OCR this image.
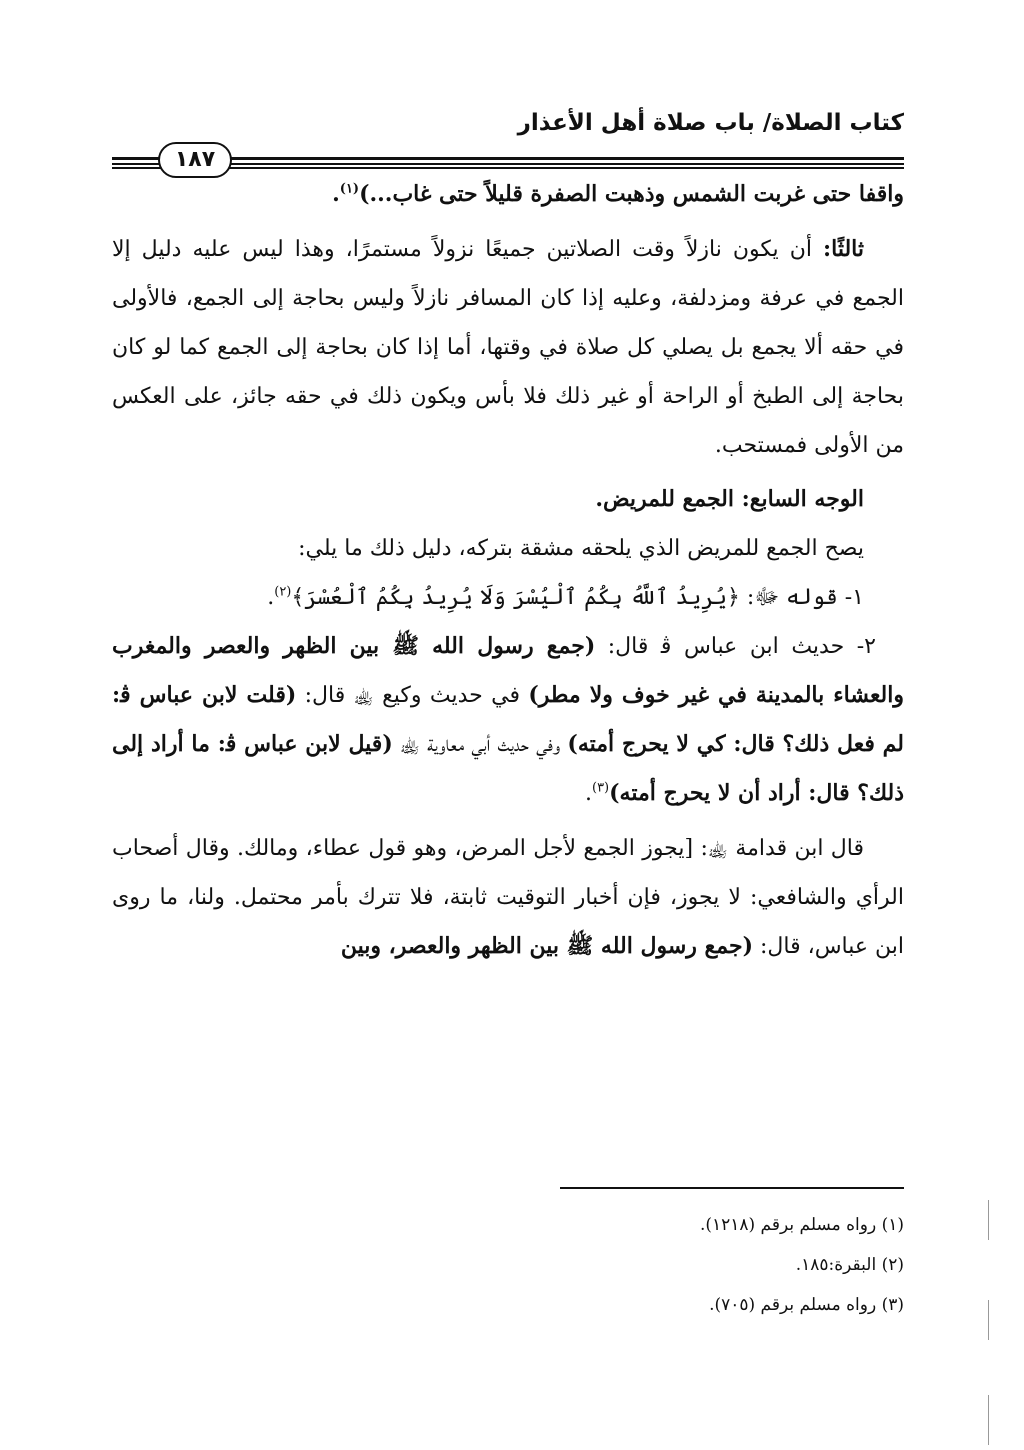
كتاب الصلاة/ باب صلاة أهل الأعذار
١٨٧

واقفا حتى غربت الشمس وذهبت الصفرة قليلاً حتى غاب...)$^{(١)}$.

ثالثًا: أن يكون نازلاً وقت الصلاتين جميعًا نزولاً مستمرًا، وهذا ليس عليه دليل إلا الجمع في عرفة ومزدلفة، وعليه إذا كان المسافر نازلاً وليس بحاجة إلى الجمع، فالأولى في حقه ألا يجمع بل يصلي كل صلاة في وقتها، أما إذا كان بحاجة إلى الجمع كما لو كان بحاجة إلى الطبخ أو الراحة أو غير ذلك فلا بأس ويكون ذلك في حقه جائز، على العكس من الأولى فمستحب.

الوجه السابع: الجمع للمريض.

يصح الجمع للمريض الذي يلحقه مشقة بتركه، دليل ذلك ما يلي:

١- قوله ﷻ: ﴿يُرِيدُ ٱللَّهُ بِكُمُ ٱلْيُسْرَ وَلَا يُرِيدُ بِكُمُ ٱلْعُسْرَ﴾$^{(٢)}$.

٢- حديث ابن عباس ﭬ قال: (جمع رسول الله ﷺ بين الظهر والعصر والمغرب والعشاء بالمدينة في غير خوف ولا مطر) في حديث وكيع ﵀ قال: (قلت لابن عباس ﭬ: لم فعل ذلك؟ قال: كي لا يحرج أمته) وفي حديث أبي معاوية ﵀ (قيل لابن عباس ﭬ: ما أراد إلى ذلك؟ قال: أراد أن لا يحرج أمته)$^{(٣)}$.

قال ابن قدامة ﵀: [يجوز الجمع لأجل المرض، وهو قول عطاء، ومالك. وقال أصحاب الرأي والشافعي: لا يجوز، فإن أخبار التوقيت ثابتة، فلا تترك بأمر محتمل. ولنا، ما روى ابن عباس، قال: (جمع رسول الله ﷺ بين الظهر والعصر، وبين

(١) رواه مسلم برقم (١٢١٨).

(٢) البقرة:١٨٥.

(٣) رواه مسلم برقم (٧٠٥).
